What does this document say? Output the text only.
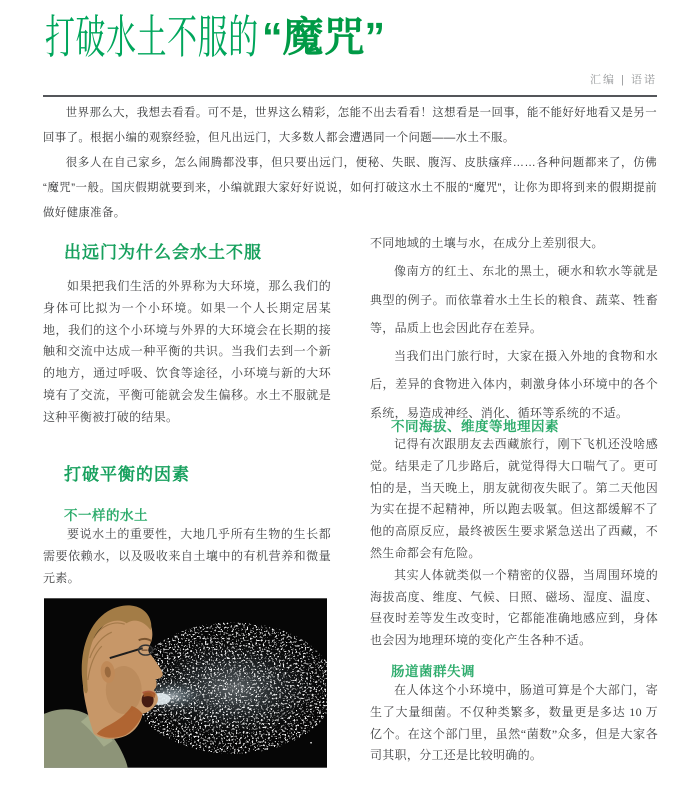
打破水土不服的“魔咒”
汇编 | 语诺

世界那么大，我想去看看。可不是，世界这么精彩，怎能不出去看看！这想看是一回事，能不能好好地看又是另一回事了。根据小编的观察经验，但凡出远门，大多数人都会遭遇同一个问题——水土不服。

很多人在自己家乡，怎么闹腾都没事，但只要出远门，便秘、失眠、腹泻、皮肤瘙痒……各种问题都来了，仿佛“魔咒”一般。国庆假期就要到来，小编就跟大家好好说说，如何打破这水土不服的“魔咒”，让你为即将到来的假期提前做好健康准备。

出远门为什么会水土不服

如果把我们生活的外界称为大环境，那么我们的身体可比拟为一个小环境。如果一个人长期定居某地，我们的这个小环境与外界的大环境会在长期的接触和交流中达成一种平衡的共识。当我们去到一个新的地方，通过呼吸、饮食等途径，小环境与新的大环境有了交流，平衡可能就会发生偏移。水土不服就是这种平衡被打破的结果。

打破平衡的因素
不一样的水土

要说水土的重要性，大地几乎所有生物的生长都需要依赖水，以及吸收来自土壤中的有机营养和微量元素。

不同地域的土壤与水，在成分上差别很大。

像南方的红土、东北的黑土，硬水和软水等就是典型的例子。而依靠着水土生长的粮食、蔬菜、牲畜等，品质上也会因此存在差异。

当我们出门旅行时，大家在摄入外地的食物和水后，差异的食物进入体内，刺激身体小环境中的各个系统，易造成神经、消化、循环等系统的不适。

不同海拔、维度等地理因素

记得有次跟朋友去西藏旅行，刚下飞机还没啥感觉。结果走了几步路后，就觉得得大口喘气了。更可怕的是，当天晚上，朋友就彻夜失眠了。第二天他因为实在提不起精神，所以跑去吸氧。但这都缓解不了他的高原反应，最终被医生要求紧急送出了西藏，不然生命都会有危险。

其实人体就类似一个精密的仪器，当周围环境的海拔高度、维度、气候、日照、磁场、湿度、温度、昼夜时差等发生改变时，它都能准确地感应到，身体也会因为地理环境的变化产生各种不适。

肠道菌群失调

在人体这个小环境中，肠道可算是个大部门，寄生了大量细菌。不仅种类繁多，数量更是多达 10 万亿个。在这个部门里，虽然“菌数”众多，但是大家各司其职，分工还是比较明确的。
